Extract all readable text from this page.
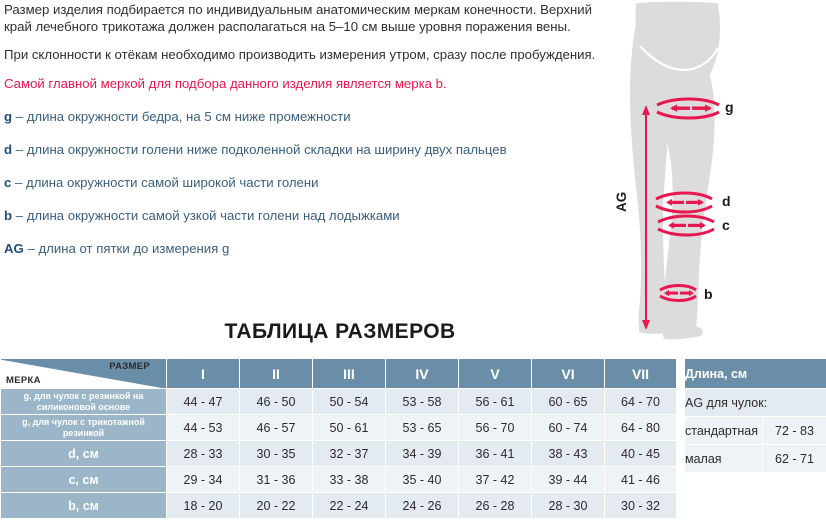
Размер изделия подбирается по индивидуальным анатомическим меркам конечности. Верхний край лечебного трикотажа должен располагаться на 5–10 см выше уровня поражения вены.

При склонности к отёкам необходимо производить измерения утром, сразу после пробуждения.

Самой главной меркой для подбора данного изделия является мерка b.

g – длина окружности бедра, на 5 см ниже промежности

d – длина окружности голени ниже подколенной складки на ширину двух пальцев

c – длина окружности самой широкой части голени

b – длина окружности самой узкой части голени над лодыжками

AG – длина от пятки до измерения g

g
d
c
b
AG
ТАБЛИЦА РАЗМЕРОВ
РАЗМЕР
МЕРКА	I	II	III	IV	V	VI	VII
g, для чулок с резинкой на силиконовой основе	44 - 47	46 - 50	50 - 54	53 - 58	56 - 61	60 - 65	64 - 70
g, для чулок с трикотажной резинкой	44 - 53	46 - 57	50 - 61	53 - 65	56 - 70	60 - 74	64 - 80
d, см	28 - 33	30 - 35	32 - 37	34 - 39	36 - 41	38 - 43	40 - 45
c, см	29 - 34	31 - 36	33 - 38	35 - 40	37 - 42	39 - 44	41 - 46
b, см	18 - 20	20 - 22	22 - 24	24 - 26	26 - 28	28 - 30	30 - 32
Длина, см	
AG для чулок:	
стандартная	72 - 83
малая	62 - 71
